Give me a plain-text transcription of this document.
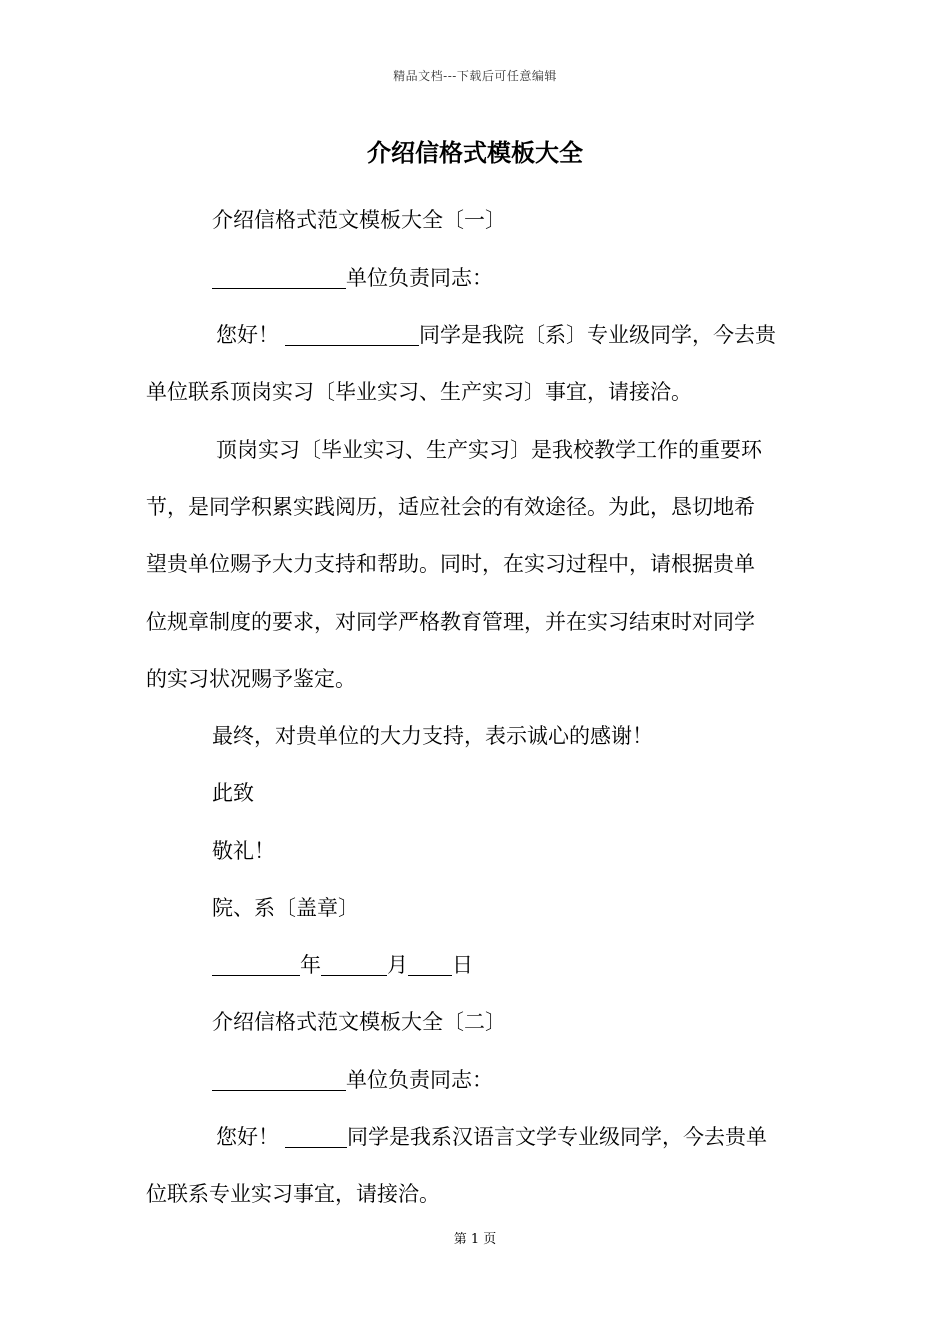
精品文档---下载后可任意编辑
介绍信格式模板大全
介绍信格式范文模板大全〔一〕
单位负责同志：
您好！	同学是我院〔系〕专业级同学，今去贵
单位联系顶岗实习〔毕业实习、生产实习〕事宜，请接洽。
顶岗实习〔毕业实习、生产实习〕是我校教学工作的重要环
节，是同学积累实践阅历，适应社会的有效途径。为此，恳切地希
望贵单位赐予大力支持和帮助。同时，在实习过程中，请根据贵单
位规章制度的要求，对同学严格教育管理，并在实习结束时对同学
的实习状况赐予鉴定。
最终，对贵单位的大力支持，表示诚心的感谢！
此致
敬礼！
院、系〔盖章〕
年	月 日
介绍信格式范文模板大全〔二〕
单位负责同志：
您好！	同学是我系汉语言文学专业级同学，今去贵单
位联系专业实习事宜，请接洽。
第 1 页
